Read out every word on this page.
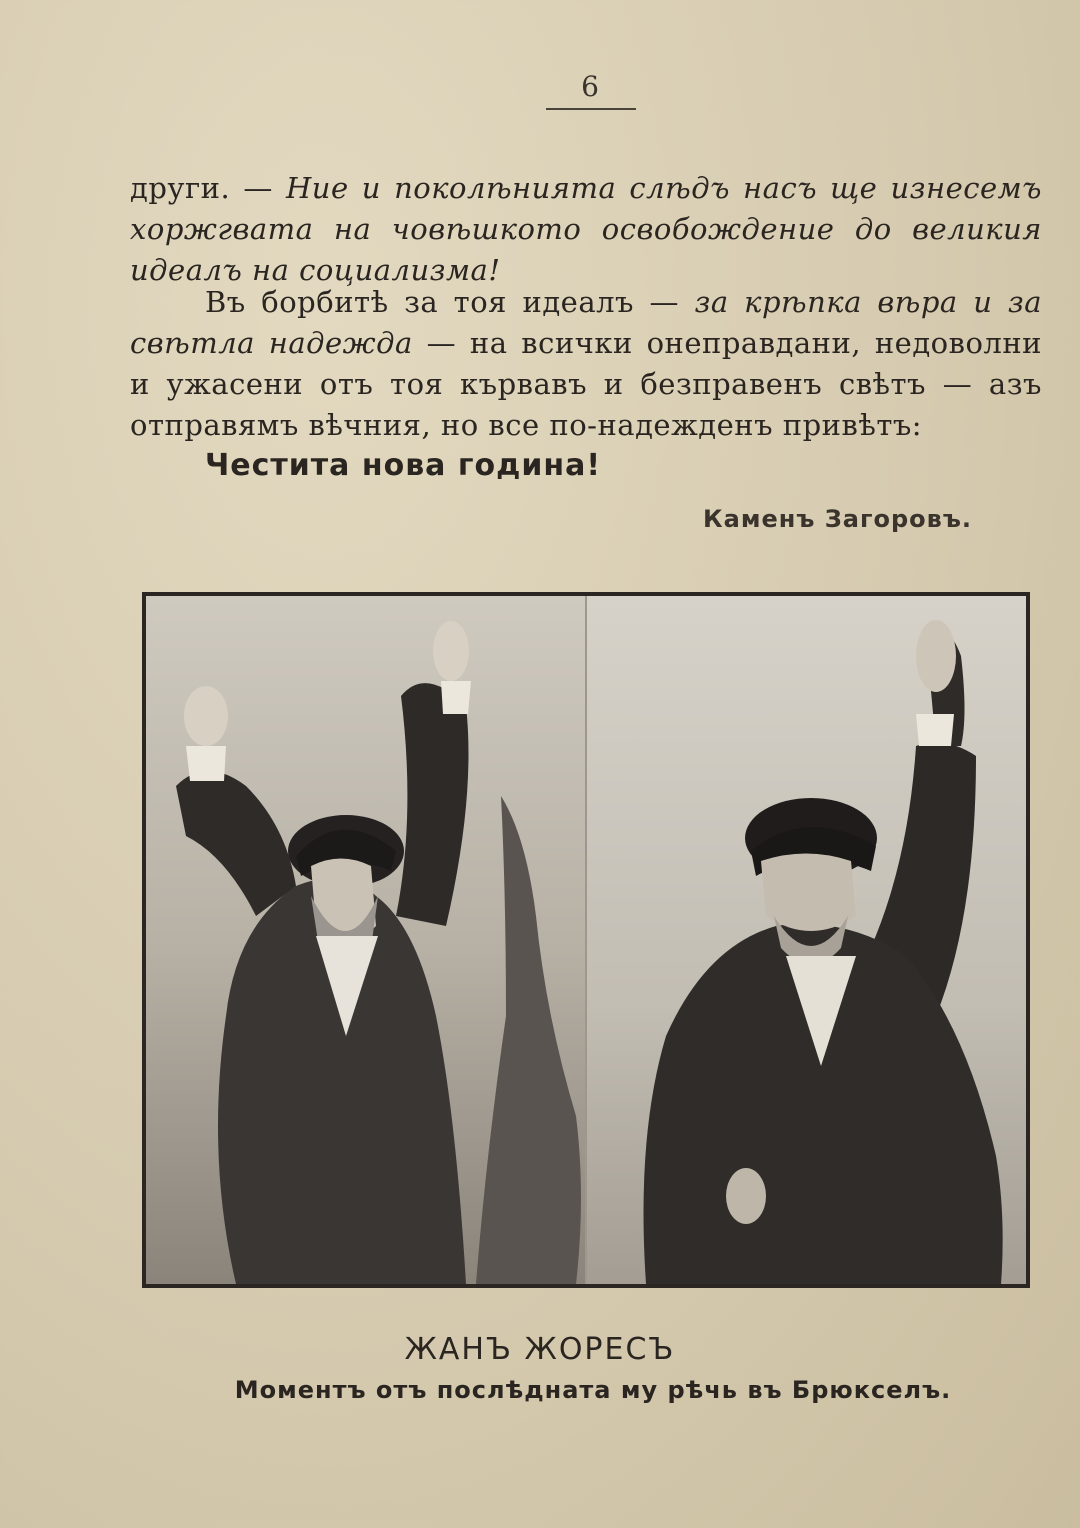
6

други. — Ние и поколѣнията слѣдъ насъ ще изнесемъ хоржгвата на човѣшкото освобождение до великия идеалъ на социализма!

Въ борбитѣ за тоя идеалъ — за крѣпка вѣра и за свѣтла надежда — на всички онеправдани, недоволни и ужасени отъ тоя кървавъ и безправенъ свѣтъ — азъ отправямъ вѣчния, но все по-надежденъ привѣтъ:

Честита нова година!
Каменъ Загоровъ.
ЖАНЪ ЖОРЕСЪ
Моментъ отъ послѣдната му рѣчь въ Брюкселъ.
